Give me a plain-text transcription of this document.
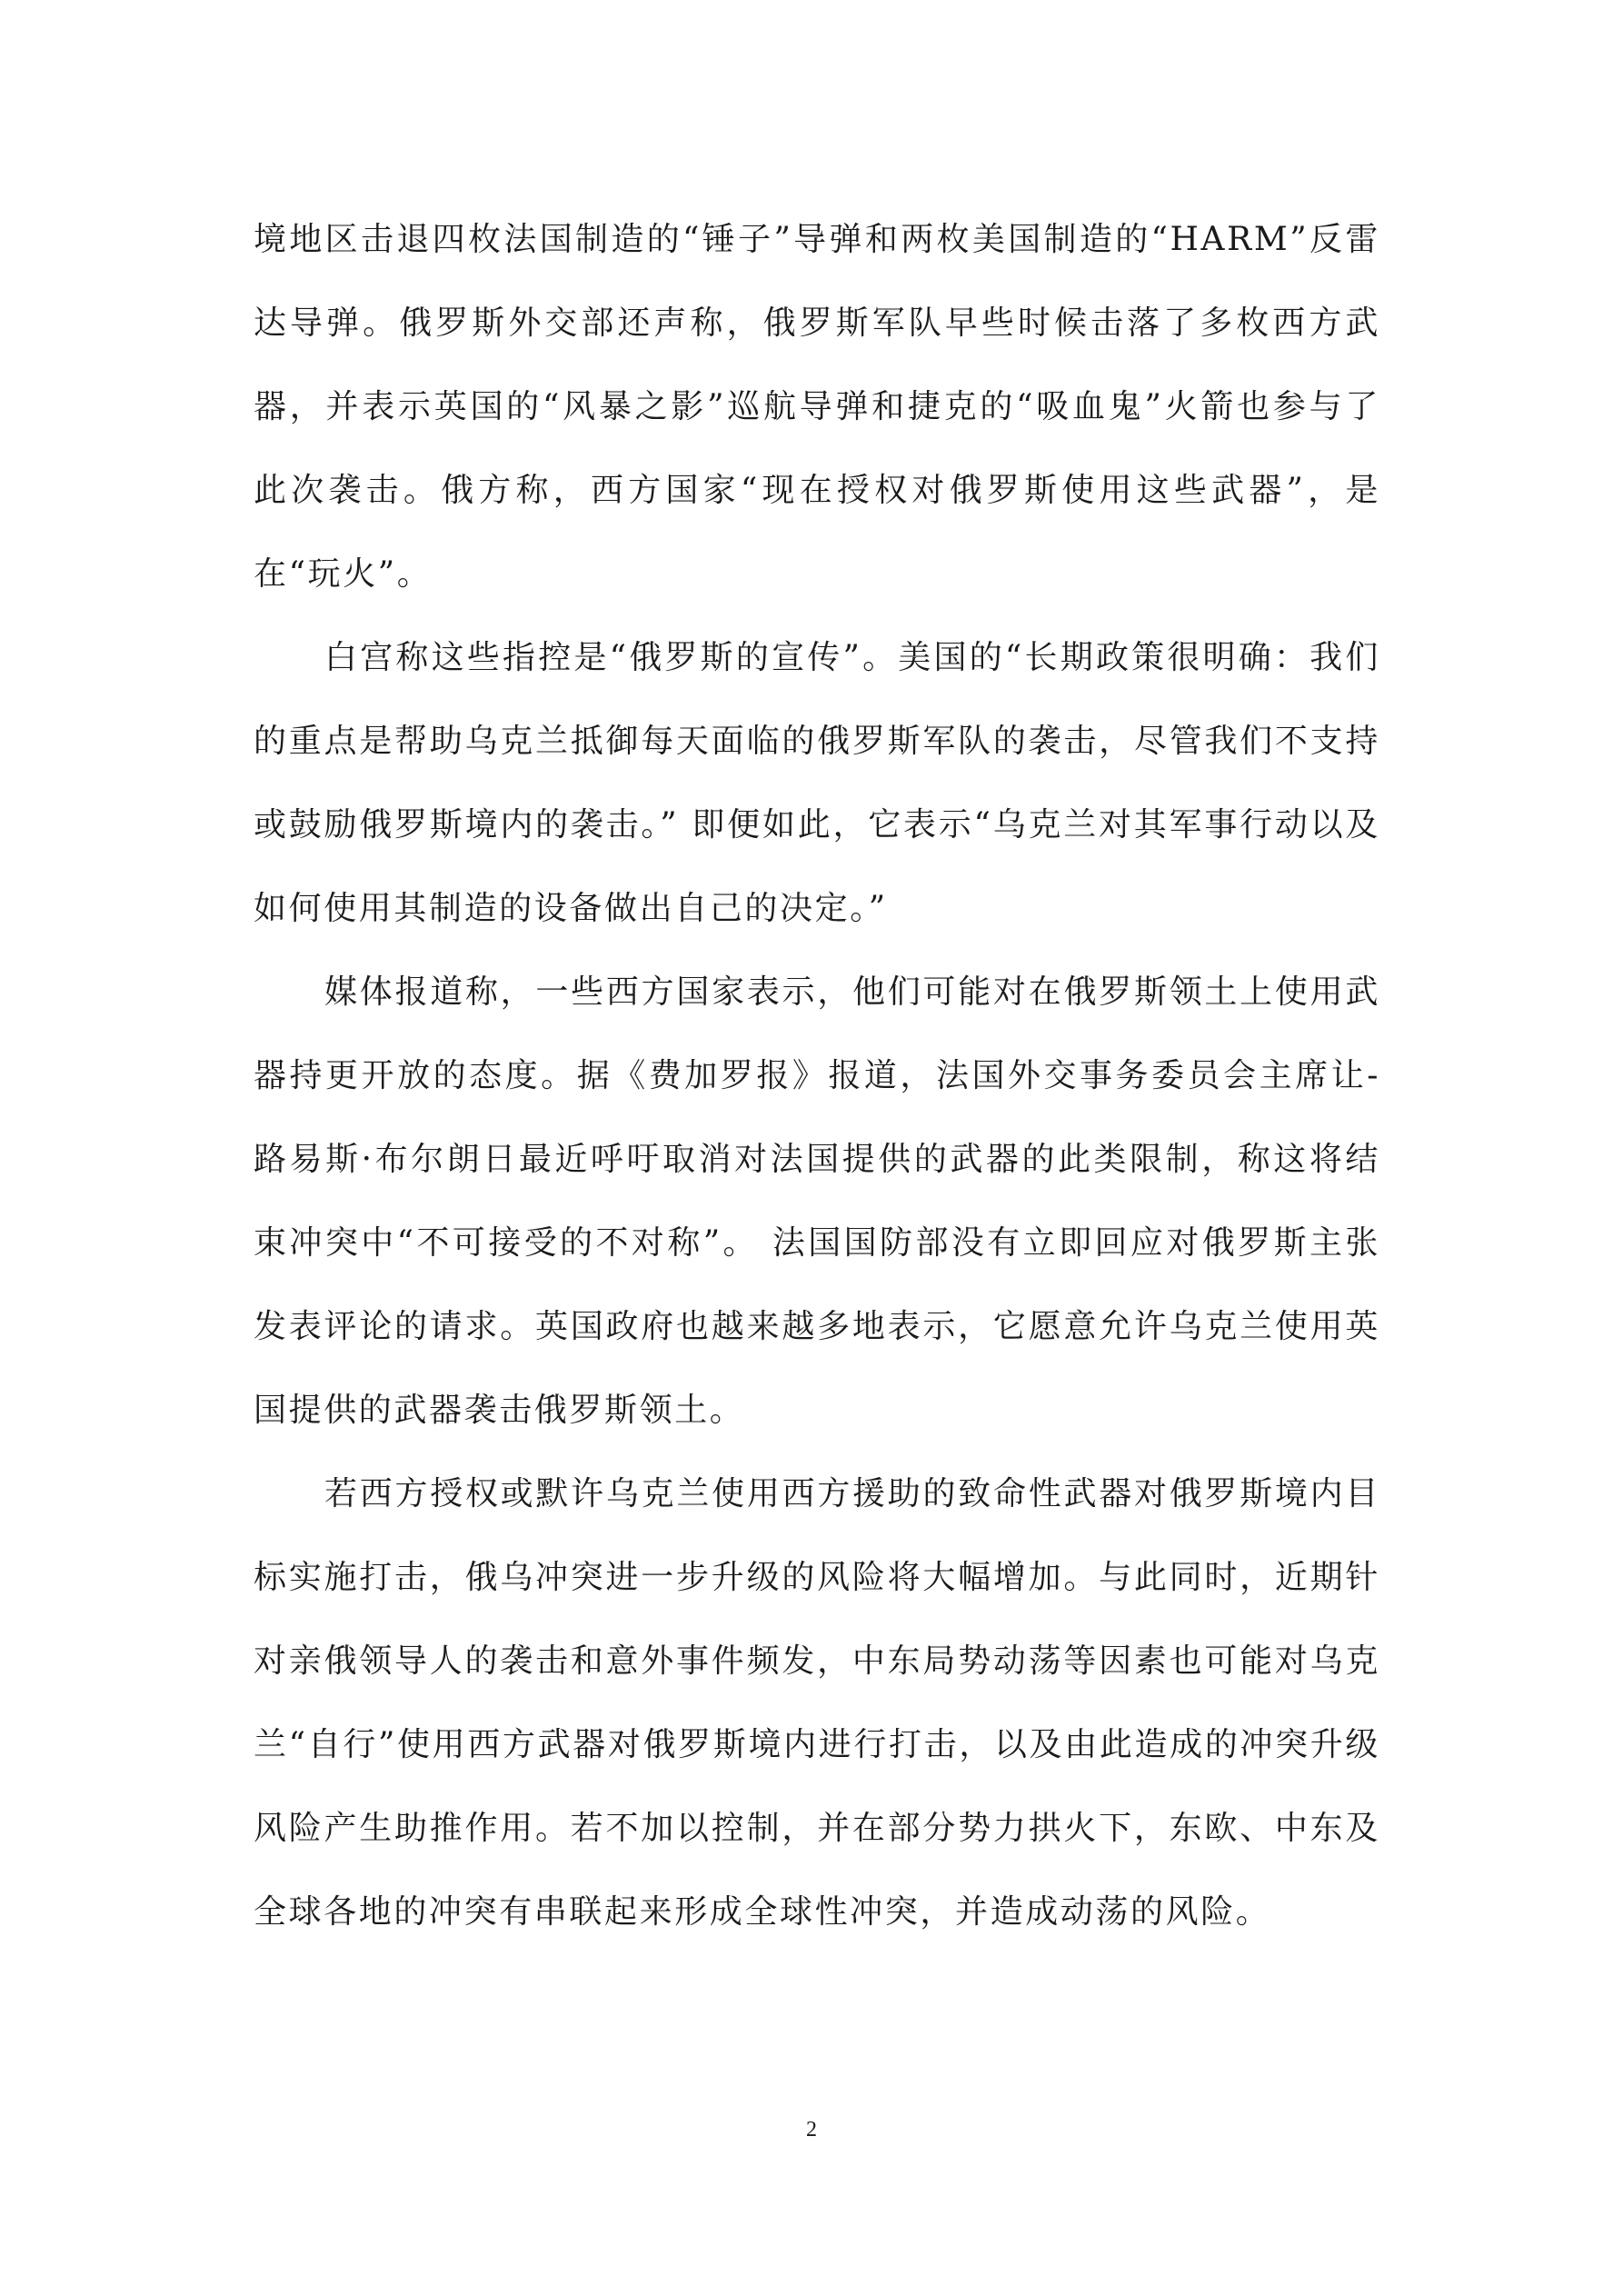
境地区击退四枚法国制造的“锤子”导弹和两枚美国制造的“HARM”反雷达导弹。俄罗斯外交部还声称，俄罗斯军队早些时候击落了多枚西方武器，并表示英国的“风暴之影”巡航导弹和捷克的“吸血鬼”火箭也参与了此次袭击。俄方称，西方国家“现在授权对俄罗斯使用这些武器”，是在“玩火”。

白宫称这些指控是“俄罗斯的宣传”。美国的“长期政策很明确：我们的重点是帮助乌克兰抵御每天面临的俄罗斯军队的袭击，尽管我们不支持或鼓励俄罗斯境内的袭击。” 即便如此，它表示“乌克兰对其军事行动以及如何使用其制造的设备做出自己的决定。”

媒体报道称，一些西方国家表示，他们可能对在俄罗斯领土上使用武器持更开放的态度。据《费加罗报》报道，法国外交事务委员会主席让-路易斯·布尔朗日最近呼吁取消对法国提供的武器的此类限制，称这将结束冲突中“不可接受的不对称”。 法国国防部没有立即回应对俄罗斯主张发表评论的请求。英国政府也越来越多地表示，它愿意允许乌克兰使用英国提供的武器袭击俄罗斯领土。

若西方授权或默许乌克兰使用西方援助的致命性武器对俄罗斯境内目标实施打击，俄乌冲突进一步升级的风险将大幅增加。与此同时，近期针对亲俄领导人的袭击和意外事件频发，中东局势动荡等因素也可能对乌克兰“自行”使用西方武器对俄罗斯境内进行打击，以及由此造成的冲突升级风险产生助推作用。若不加以控制，并在部分势力拱火下，东欧、中东及全球各地的冲突有串联起来形成全球性冲突，并造成动荡的风险。

2
